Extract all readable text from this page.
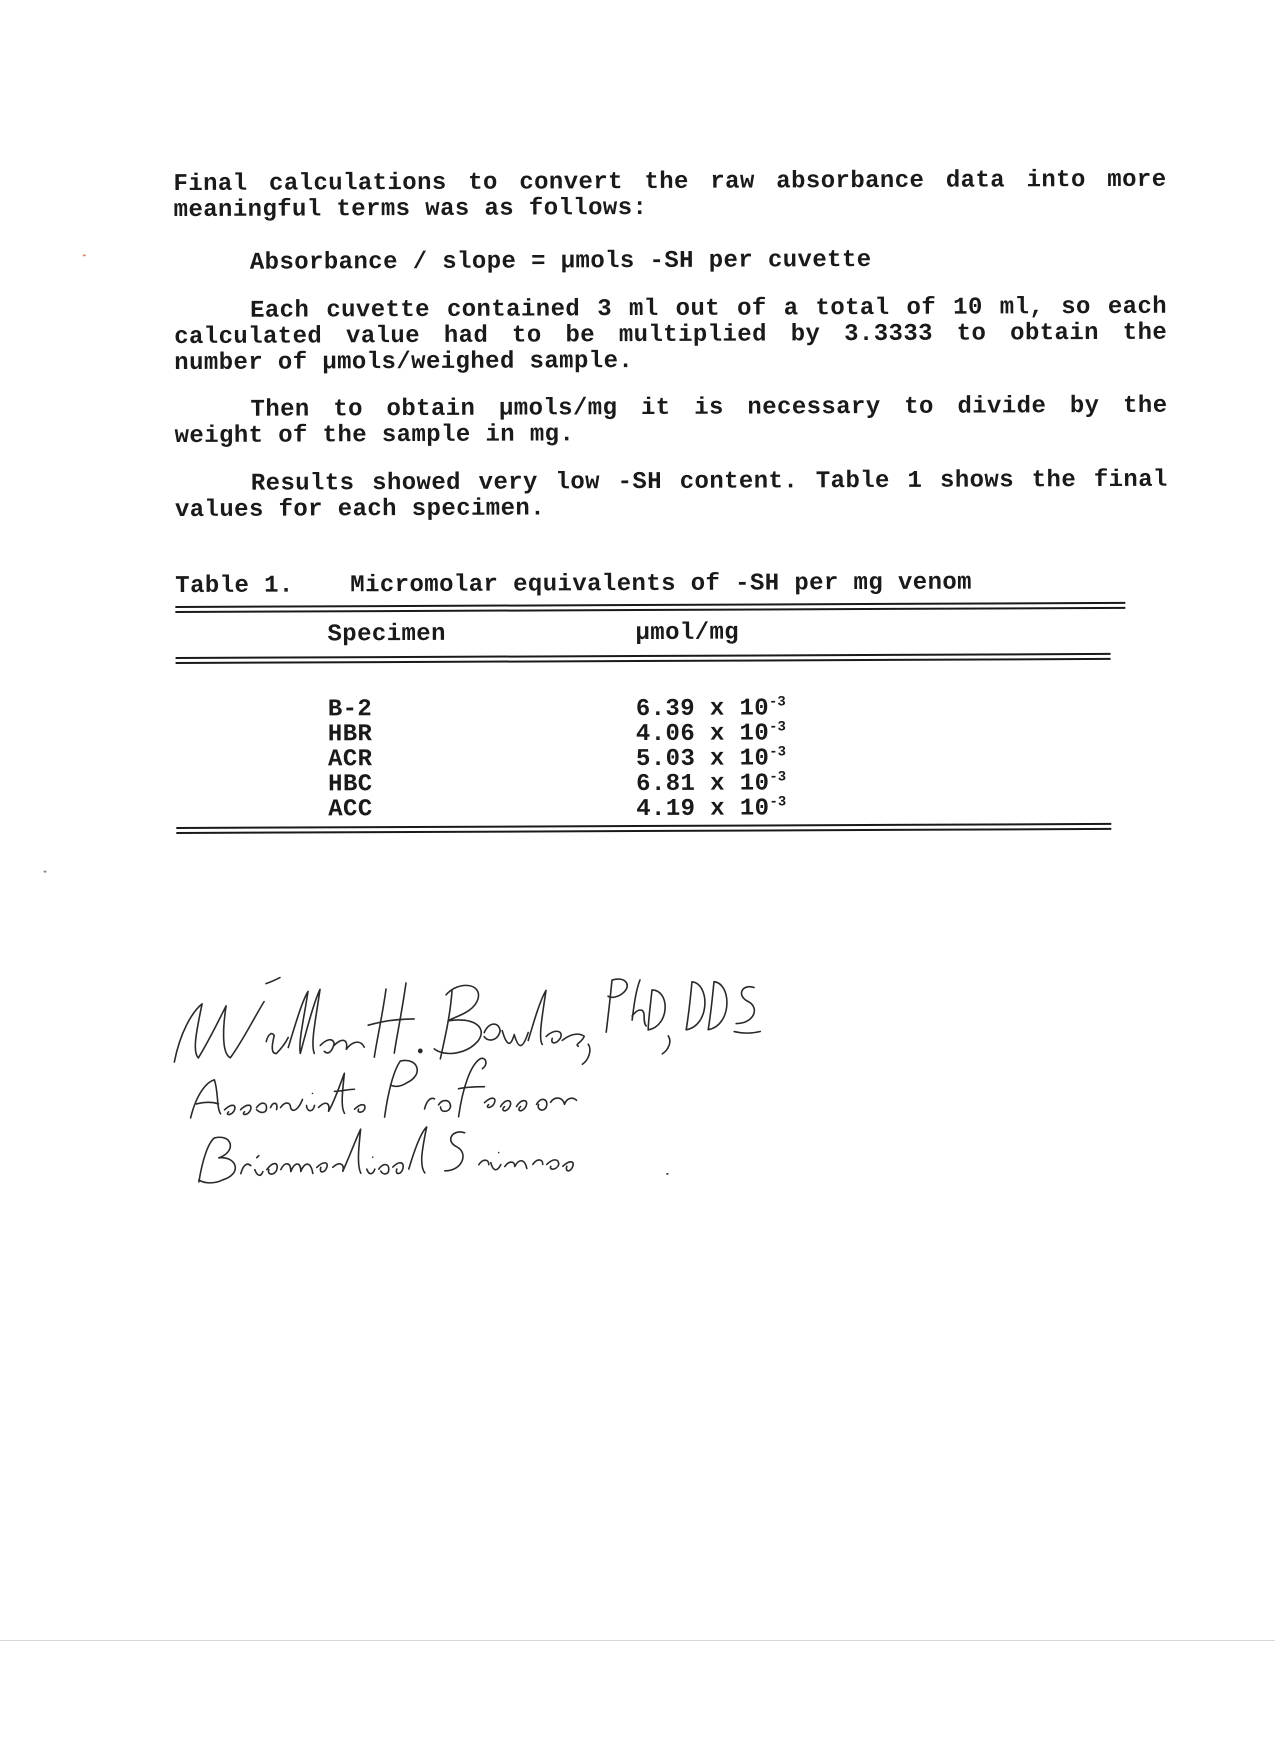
Final calculations to convert the raw absorbance data into more
meaningful terms was as follows:
Absorbance / slope = μmols -SH per cuvette
Each cuvette contained 3 ml out of a total of 10 ml, so each
calculated value had to be multiplied by 3.3333 to obtain the
number of μmols/weighed sample.
Then to obtain μmols/mg it is necessary to divide by the
weight of the sample in mg.
Results showed very low -SH content. Table 1 shows the final
values for each specimen.
Table 1. Micromolar equivalents of -SH per mg venom
Specimen	μmol/mg
B-2	6.39 x $10^{-3}$
HBR	4.06 x $10^{-3}$
ACR	5.03 x $10^{-3}$
HBC	6.81 x $10^{-3}$
ACC	4.19 x $10^{-3}$
